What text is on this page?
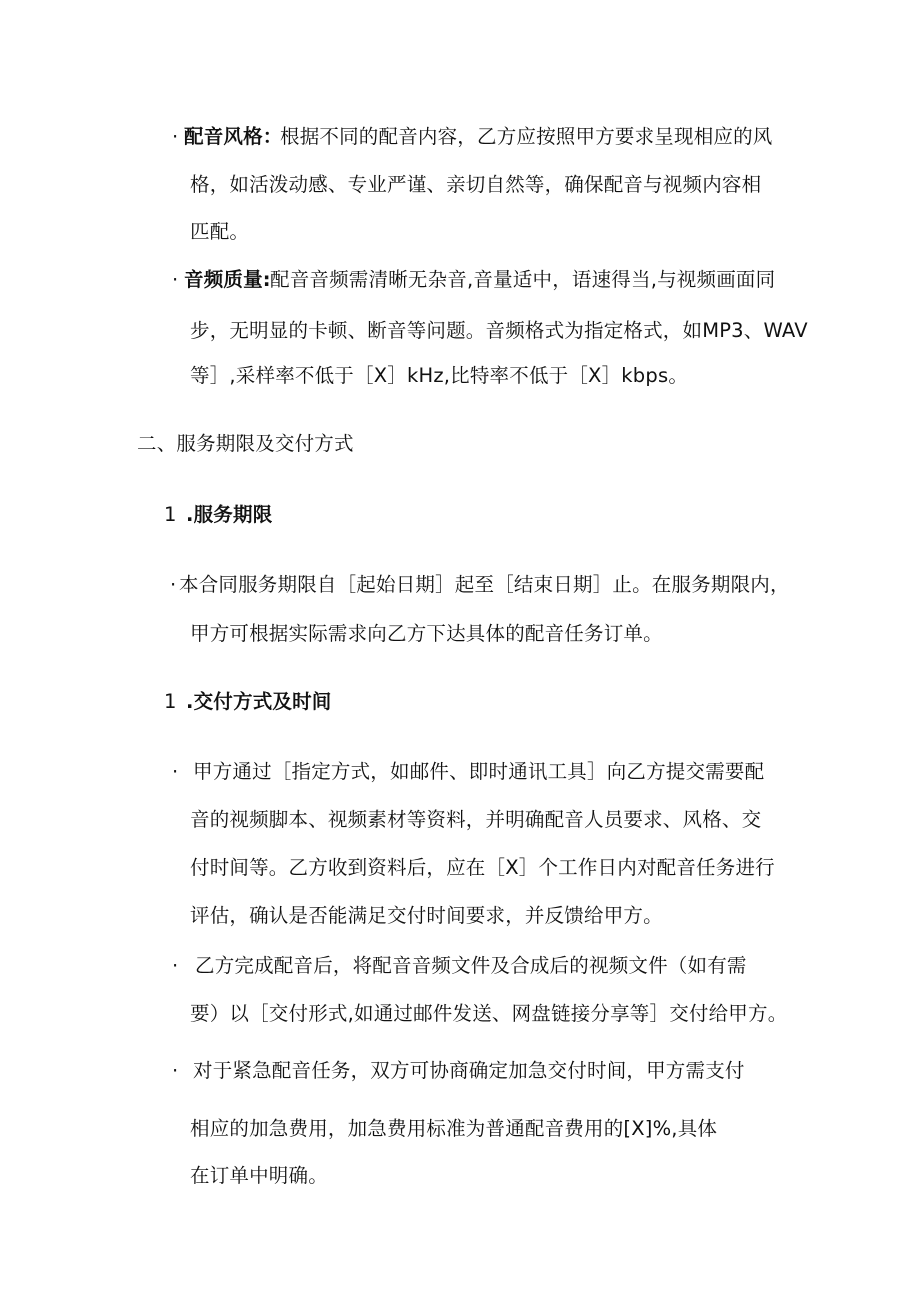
· 配音风格：
根据不同的配音内容，乙方应按照甲方要求呈现相应的风
格，如活泼动感、专业严谨、亲切自然等，确保配音与视频内容相
匹配。
· 音频质量: 配音音频需清晰无杂音,音量适中，语速得当,与视频画面同
步，无明显的卡顿、断音等问题。音频格式为指定格式，如MP3、WAV
等］,采样率不低于［X］kHz,比特率不低于［X］kbps。
二、服务期限及交付方式
1 .服务期限
· 本合同服务期限自［起始日期］起至［结束日期］止。在服务期限内，
甲方可根据实际需求向乙方下达具体的配音任务订单。
1 .交付方式及时间
· 甲方通过［指定方式，如邮件、即时通讯工具］向乙方提交需要配
音的视频脚本、视频素材等资料，并明确配音人员要求、风格、交
付时间等。乙方收到资料后，应在［X］个工作日内对配音任务进行
评估，确认是否能满足交付时间要求，并反馈给甲方。
· 乙方完成配音后，将配音音频文件及合成后的视频文件（如有需
要）以［交付形式,如通过邮件发送、网盘链接分享等］交付给甲方。
· 对于紧急配音任务，双方可协商确定加急交付时间，甲方需支付
相应的加急费用，加急费用标准为普通配音费用的[X]%,具体
在订单中明确。
